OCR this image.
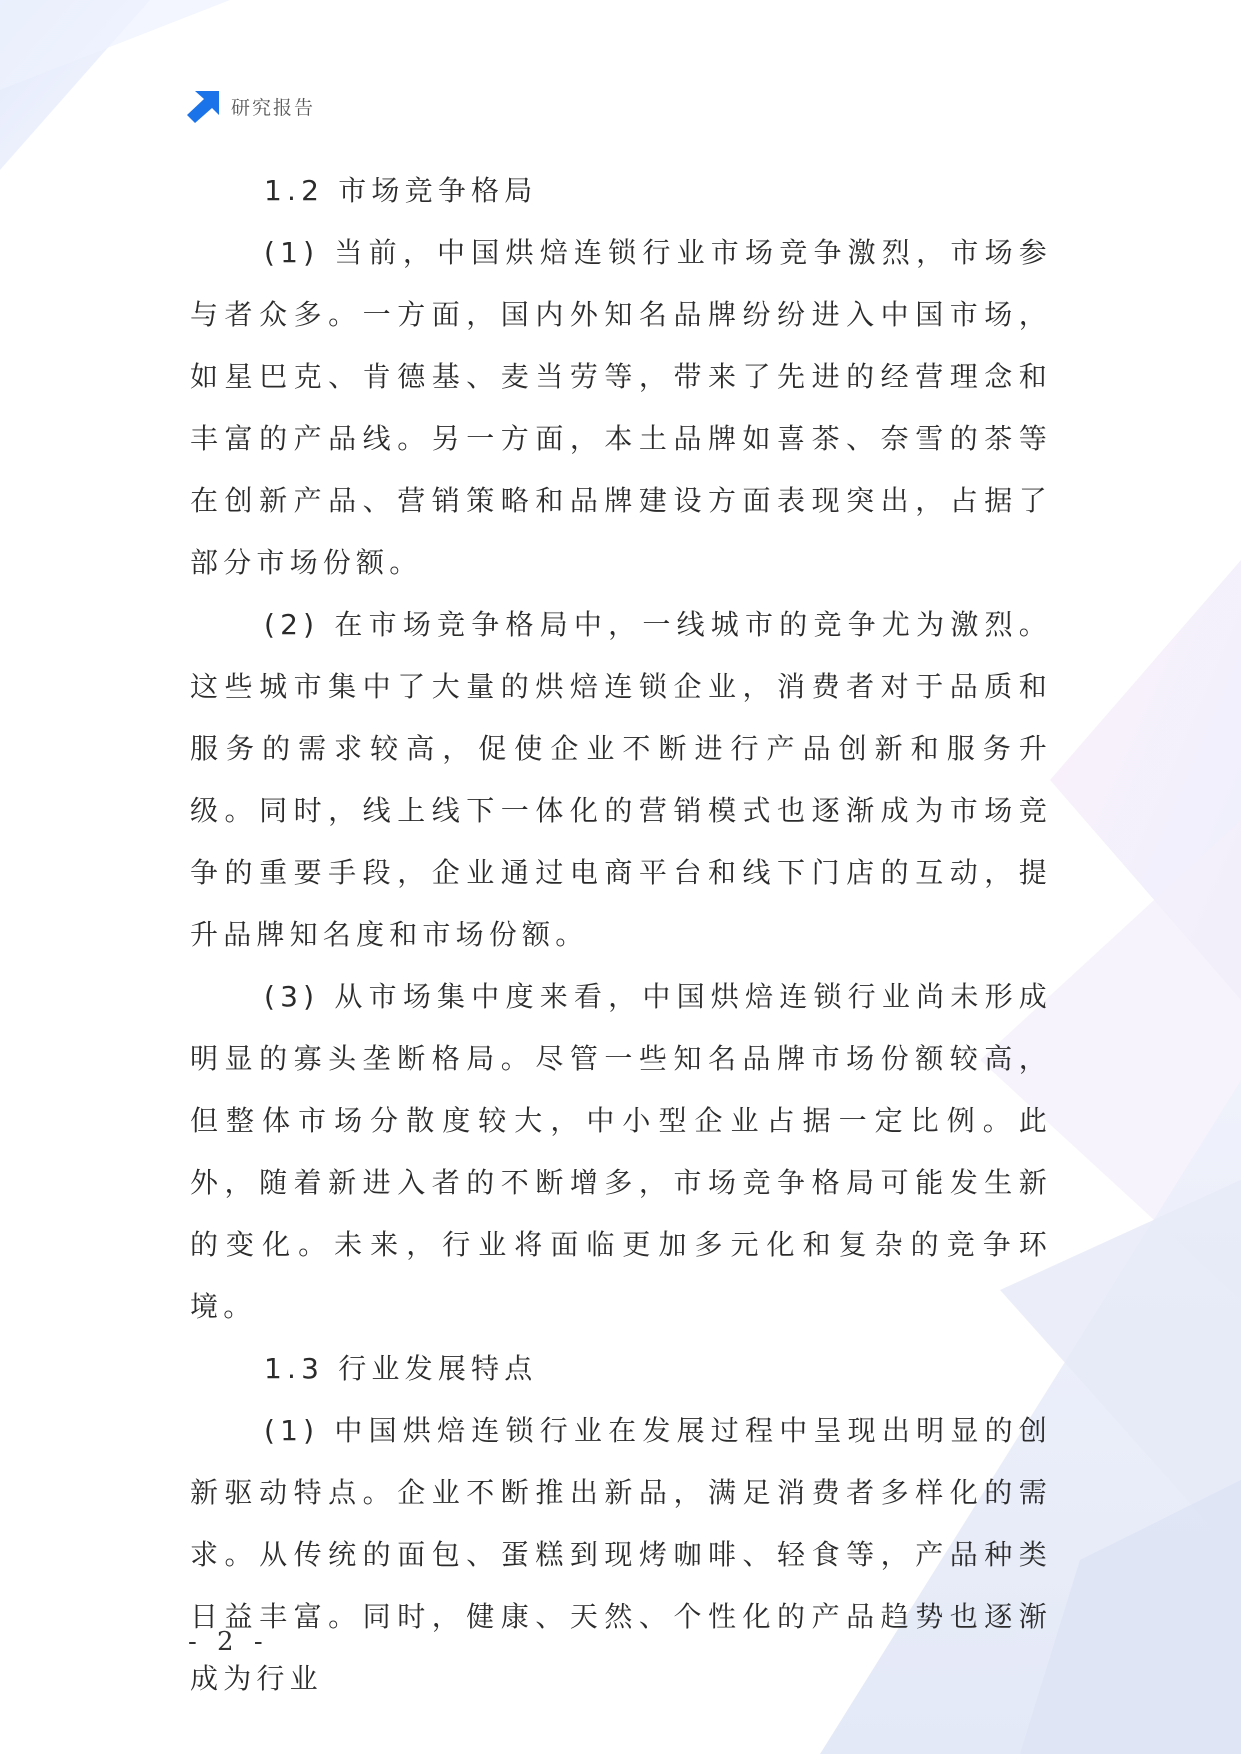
研究报告

1.2 市场竞争格局

(1) 当前，中国烘焙连锁行业市场竞争激烈，市场参与者众多。一方面，国内外知名品牌纷纷进入中国市场，如星巴克、肯德基、麦当劳等，带来了先进的经营理念和丰富的产品线。另一方面，本土品牌如喜茶、奈雪的茶等在创新产品、营销策略和品牌建设方面表现突出，占据了部分市场份额。

(2) 在市场竞争格局中，一线城市的竞争尤为激烈。这些城市集中了大量的烘焙连锁企业，消费者对于品质和服务的需求较高，促使企业不断进行产品创新和服务升级。同时，线上线下一体化的营销模式也逐渐成为市场竞争的重要手段，企业通过电商平台和线下门店的互动，提升品牌知名度和市场份额。

(3) 从市场集中度来看，中国烘焙连锁行业尚未形成明显的寡头垄断格局。尽管一些知名品牌市场份额较高，但整体市场分散度较大，中小型企业占据一定比例。此外，随着新进入者的不断增多，市场竞争格局可能发生新的变化。未来，行业将面临更加多元化和复杂的竞争环境。

1.3 行业发展特点

(1) 中国烘焙连锁行业在发展过程中呈现出明显的创新驱动特点。企业不断推出新品，满足消费者多样化的需求。从传统的面包、蛋糕到现烤咖啡、轻食等，产品种类日益丰富。同时，健康、天然、个性化的产品趋势也逐渐成为行业

- 2 -
